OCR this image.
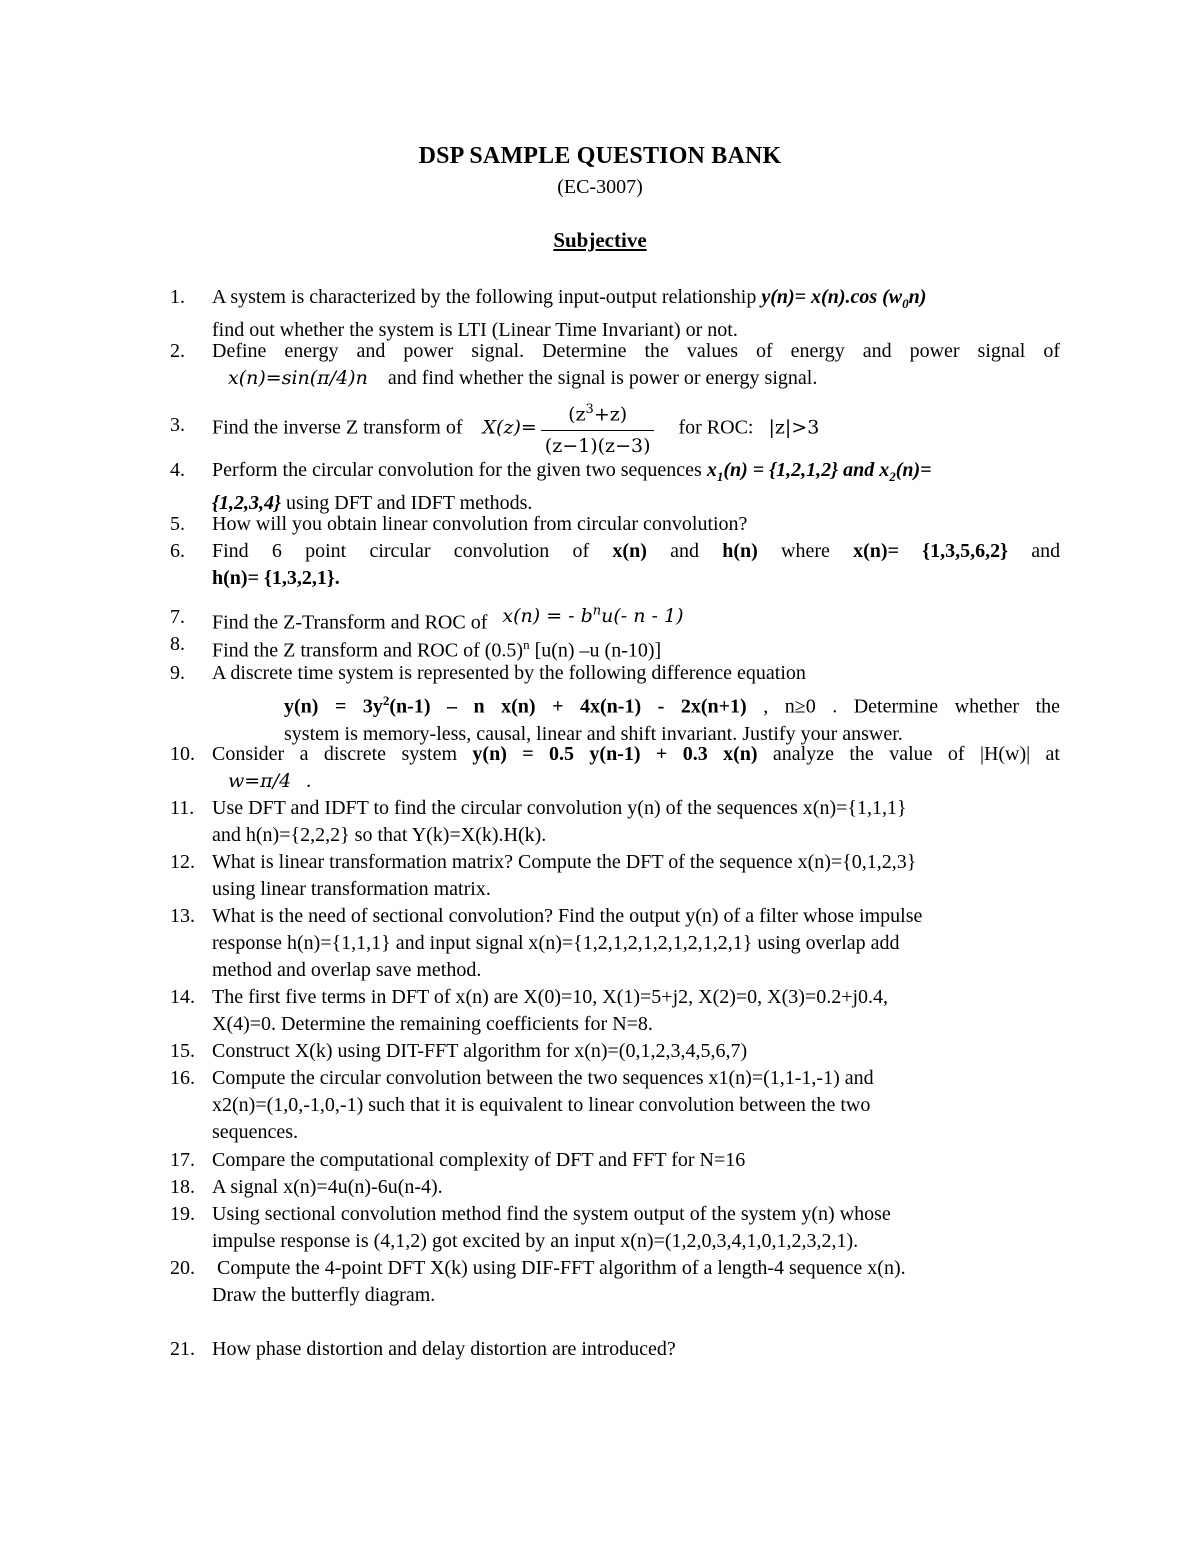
DSP SAMPLE QUESTION BANK
(EC-3007)
Subjective
1.	A system is characterized by the following input-output relationship y(n)= x(n).cos $(w_0n)$
find out whether the system is LTI (Linear Time Invariant) or not.
2.	Define energy and power signal. Determine the values of energy and power signal of
x(n)=sin(π/4)n and find whether the signal is power or energy signal.
3.	Find the inverse Z transform of $X(z)= \frac{(z^3+z)}{(z-1)(z-3)}$ for ROC: |z|>3
4.	Perform the circular convolution for the given two sequences $x_1(n) = \{1,2,1,2\}$ and $x_2(n)=$
{1,2,3,4} using DFT and IDFT methods.
5.	How will you obtain linear convolution from circular convolution?
6.	Find 6 point circular convolution of x(n) and h(n) where x(n)= {1,3,5,6,2} and
h(n)= {1,3,2,1}.
7.	Find the Z-Transform and ROC of x(n) = - $b^nu(-$ n - 1)
8.	Find the Z transform and ROC of $(0.5)^n$ [u(n) –u (n-10)]
9.	A discrete time system is represented by the following difference equation
$y(n) = 3y^2(n-1) - n$ x(n) + 4x(n-1) - 2x(n+1) , n≥0 . Determine whether the
system is memory-less, causal, linear and shift invariant. Justify your answer.
10. Consider a discrete system y(n) = 0.5 y(n-1) + 0.3 x(n) analyze the value of |H(w)| at
w=π/4 .
11. Use DFT and IDFT to find the circular convolution y(n) of the sequences x(n)={1,1,1}
and h(n)={2,2,2} so that Y(k)=X(k).H(k).
12. What is linear transformation matrix? Compute the DFT of the sequence x(n)={0,1,2,3}
using linear transformation matrix.
13. What is the need of sectional convolution? Find the output y(n) of a filter whose impulse
response h(n)={1,1,1} and input signal x(n)={1,2,1,2,1,2,1,2,1,2,1} using overlap add
method and overlap save method.
14. The first five terms in DFT of x(n) are X(0)=10, X(1)=5+j2, X(2)=0, X(3)=0.2+j0.4,
X(4)=0. Determine the remaining coefficients for N=8.
15. Construct X(k) using DIT-FFT algorithm for x(n)=(0,1,2,3,4,5,6,7)
16. Compute the circular convolution between the two sequences x1(n)=(1,1-1,-1) and
x2(n)=(1,0,-1,0,-1) such that it is equivalent to linear convolution between the two
sequences.
17. Compare the computational complexity of DFT and FFT for N=16
18. A signal x(n)=4u(n)-6u(n-4).
19. Using sectional convolution method find the system output of the system y(n) whose
impulse response is (4,1,2) got excited by an input x(n)=(1,2,0,3,4,1,0,1,2,3,2,1).
20. Compute the 4-point DFT X(k) using DIF-FFT algorithm of a length-4 sequence x(n).
Draw the butterfly diagram.
21. How phase distortion and delay distortion are introduced?
